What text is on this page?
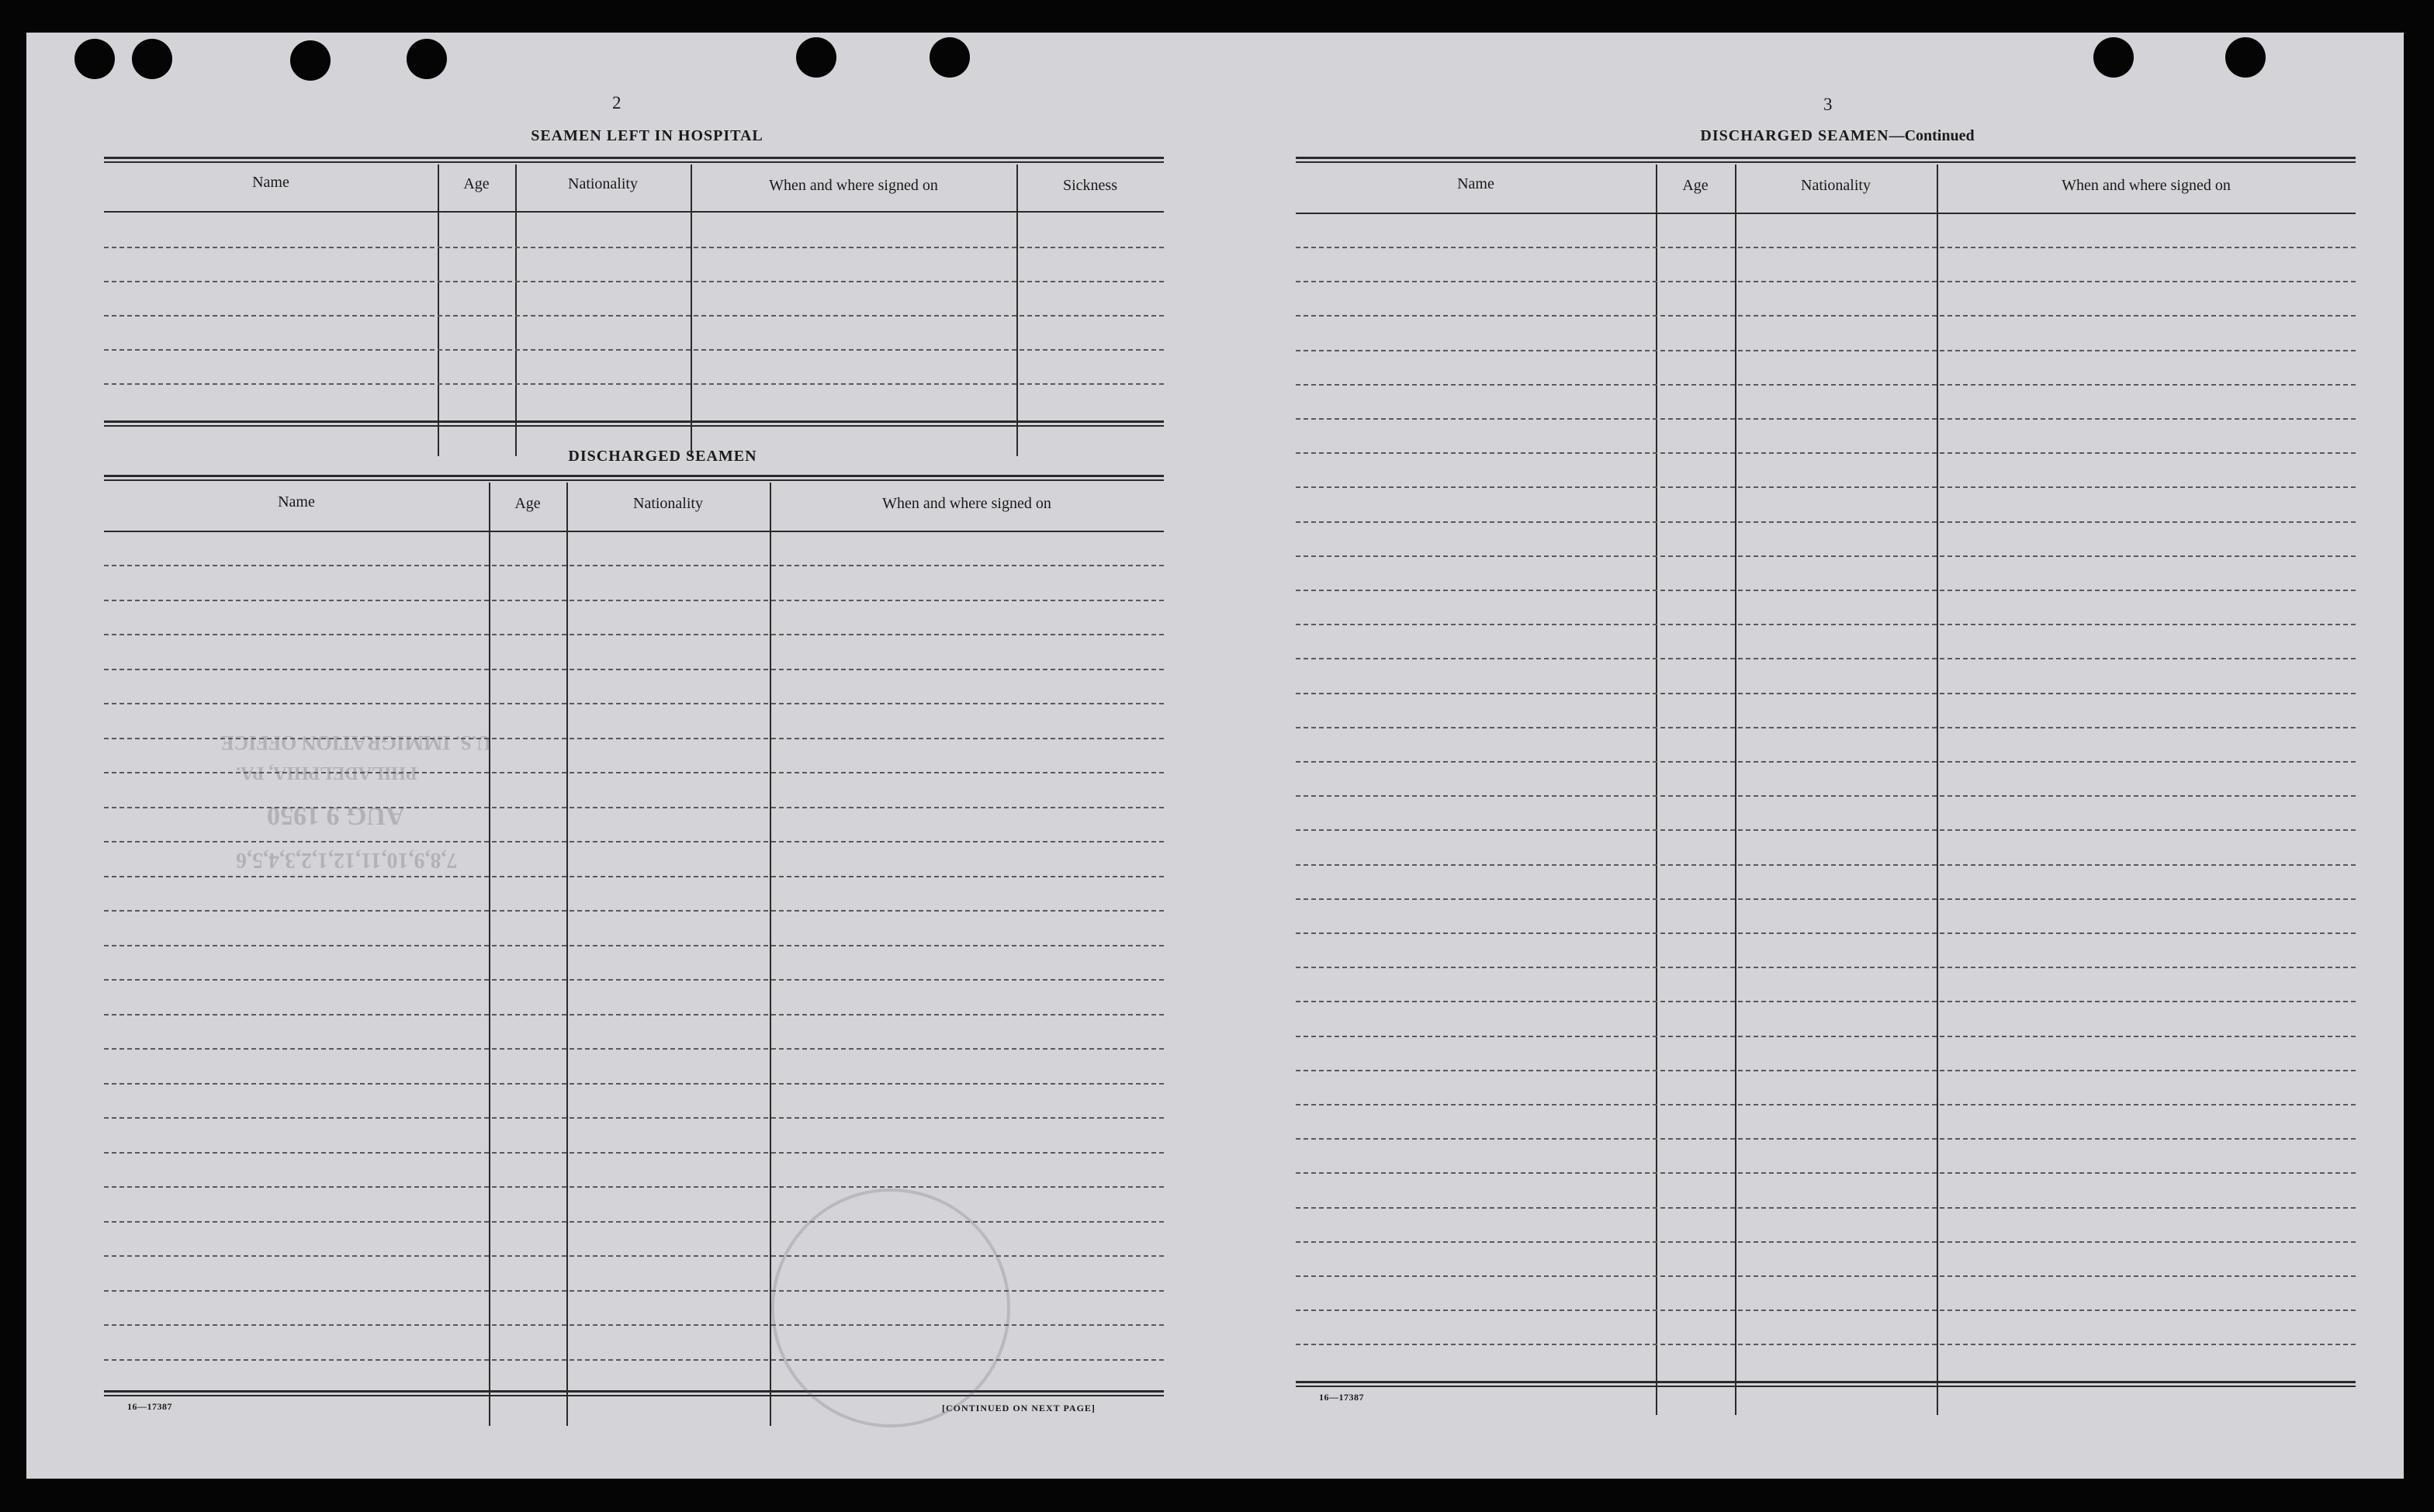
2
SEAMEN LEFT IN HOSPITAL
Name	Age	Nationality	When and where signed on	Sickness
DISCHARGED SEAMEN
Name	Age	Nationality	When and where signed on
16—17387	[CONTINUED ON NEXT PAGE]
U.S. IMMIGRATION OFFICE
PHILADELPHIA, PA.
AUG 9 1950
7,8,9,10,11,12,1,2,3,4,5,6
3
DISCHARGED SEAMEN—Continued
Name	Age	Nationality	When and where signed on
16—17387
